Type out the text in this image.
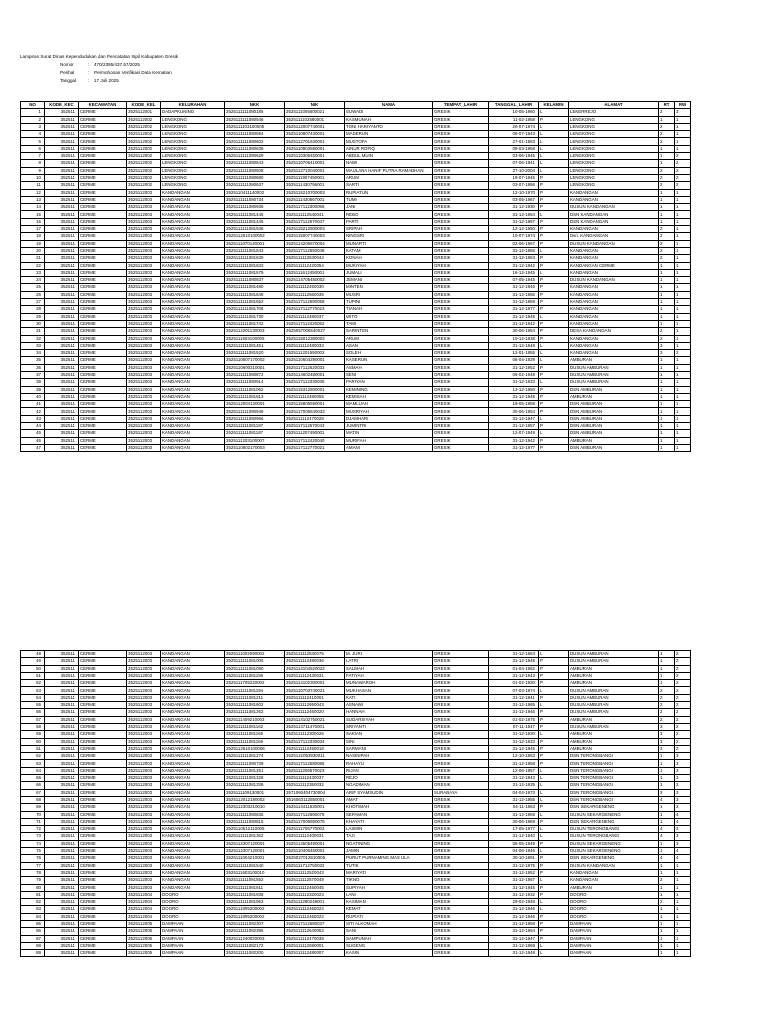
Lampiran Surat Dinas Kependudukan dan Pencatatan Sipil Kabupaten Gresik
Nomor	:	470/2395/437.57/2025
Perihal	:	Permohonan Verifikasi Data Kematian
Tanggal	:	17 Juli 2025
NO	KODE_KEC	KECAMATAN	KODE_KEL	KELURAHAN	NKK	NIK	NAMA	TEMPAT_LAHIR	TANGGAL_LAHIR	KELAMIN	ALAMAT	RT	RW
1	352511	CERME	3525112001	DADAPKUNING	3525111111080185	3525111005600021	SUWADI	GRESIK	10-05-1960	L	LEKERREJO	2	3
2	352511	CERME	3525112002	LENGKONG	3525111111080546	3525111102580001	KASMUNAH	GRESIK	11-02-1958	P	LENGKONG	1	1
3	352511	CERME	3525112002	LENGKONG	3525111103100005	3525112007740001	TONI HARIYANTO	GRESIK	20-07-1974	L	LENGKONG	2	1
4	352511	CERME	3525112002	LENGKONG	3525111111080594	3525110807430001	MADERUN	GRESIK	08-07-1943	L	LENGKONG	2	1
5	352511	CERME	3525112002	LENGKONG	3525111111080602	3525112701630001	MUSTOFA	GRESIK	27-01-1963	L	LENGKONG	2	1
6	352511	CERME	3525112002	LENGKONG	3525111111080639	3525110903580001	AINUR ROFIQ	GRESIK	09-03-1958	L	LENGKONG	1	1
7	352511	CERME	3525112002	LENGKONG	3525111111080629	3525110306450001	ABDUL MUIN	GRESIK	03-06-1945	L	LENGKONG	1	2
8	352511	CERME	3525112002	LENGKONG	3525111111080643	3525110706410001	NAWI	GRESIK	07-06-1941	L	LENGKONG	1	2
9	352511	CERME	3525112002	LENGKONG	3525111111080508	3525112710040001	MAULANA HANIF PUTRA RAMADHAN	GRESIK	27-10-2004	L	LENGKONG	2	2
10	352511	CERME	3525112002	LENGKONG	3525111111080680	3525111907450001	ARUM	GRESIK	19-07-1945	P	LENGKONG	2	2
11	352511	CERME	3525112002	LENGKONG	3525111111080637	3525111430756001	SARTI	GRESIK	03-07-1956	P	LENGKONG	2	2
12	352511	CERME	3525112003	KANDANGAN	3525110411140002	3525115210700003	RUPIATUN	GRESIK	12-10-1970	P	KANDANGAN	1	1
13	352511	CERME	3525112003	KANDANGAN	3525111111080734	3525111430567001	TUMI	GRESIK	03-05-1967	P	KANDANGAN	1	1
14	352511	CERME	3525112003	KANDANGAN	3525111111080936	3525117112300068	JANI	GRESIK	31-12-1930	P	DUSUN KANDANGAN	1	1
15	352511	CERME	3525112003	KANDANGAN	3525111111081445	3525111112540041	REBO	GRESIK	31-12-1954	L	DSN KANDANGAN	1	1
16	352511	CERME	3525112003	KANDANGAN	3525111111081445	3525117112570047	PARTI	GRESIK	31-12-1957	P	DSN KANDANGAN	1	1
17	352511	CERME	3525112003	KANDANGAN	3525111111081536	3525115212500003	SRIPAH	GRESIK	12-12-1950	P	KANDANGAN	2	1
18	352511	CERME	3525112003	KANDANGAN	3525112610100002	3525115007740003	NINGSRI	GRESIK	10-07-1974	P	Dsn. KANDANGAN	2	1
19	352511	CERME	3525112003	KANDANGAN	3525111070140001	3525114206670004	MUNARTI	GRESIK	02-06-1967	P	DUSUN KANDANGAN	2	1
20	352511	CERME	3525112003	KANDANGAN	3525111111081543	3525117112550048	KATAM	GRESIK	31-12-1955	L	KANDANGAN	2	1
21	352511	CERME	3525112003	KANDANGAN	3525111111081630	3525111112530044	KONAH	GRESIK	31-12-1953	P	KANDANGAN	2	1
22	352511	CERME	3525112003	KANDANGAN	3525111111081633	3525111112420054	MUKIYAH	GRESIK	31-12-1942	P	KANDANGAN CERME	1	1
23	352511	CERME	3525112003	KANDANGAN	3525111111081579	3525111612450001	JUMALI	GRESIK	16-12-1945	L	KANDANGAN	1	1
24	352511	CERME	3525112003	KANDANGAN	3525111111080837	3525114705450002	JEMANI	GRESIK	07-05-1945	P	DUSUN KANDANGAN	1	1
25	352511	CERME	3525112003	KANDANGAN	3525111111081480	3525111112450030	MINTEN	GRESIK	31-12-1945	P	KANDANGAN	1	1
26	352511	CERME	3525112003	KANDANGAN	3525111111081649	3525111112560039	MUSRI	GRESIK	31-12-1956	P	KANDANGAN	1	1
27	352511	CERME	3525112003	KANDANGAN	3525111111081652	3525117112590058	TUPINI	GRESIK	31-12-1959	P	KANDANGAN	1	1
28	352511	CERME	3525112003	KANDANGAN	3525111111081706	3525117112770023	TIANAH	GRESIK	31-12-1977	P	KANDANGAN	1	1
29	352511	CERME	3525112003	KANDANGAN	3525111111081730	3525111112480037	WITO	GRESIK	31-12-1948	L	KANDANGAN	1	1
30	352511	CERME	3525112003	KANDANGAN	3525111111081742	3525117112420062	TAMI	GRESIK	31-12-1942	P	KANDANGAN	1	1
31	352511	CERME	3525112003	KANDANGAN	3525112201130003	3525057006540037	SARINTEN	GRESIK	30-06-1954	P	DESA KANDANGAN	2	1
32	352511	CERME	3525112003	KANDANGAN	3525111603100005	3525115012380002	ARUM	GRESIK	10-12-1938	P	KANDANGAN	2	1
33	352511	CERME	3525112003	KANDANGAN	3525111111081451	3525111112480033	ASAN	GRESIK	31-12-1948	L	KANDANGAN	3	1
34	352511	CERME	3525112003	KANDANGAN	3525111111081520	3525111201550002	SOLEH	GRESIK	12-01-1955	L	KANDANGAN	3	2
35	352511	CERME	3525112003	KANDANGAN	3525110507170002	3525110604290001	KASERUN	GRESIK	06-04-1929	L	AMBURAN	1	1
36	352511	CERME	3525112003	KANDANGAN	3525110600210001	3525117112520033	ASMAH	GRESIK	31-12-1952	P	DUSUN AMBURAN	1	1
37	352511	CERME	3525112003	KANDANGAN	3525111111080872	3525114602480001	SENI	GRESIK	06-02-1948	P	DUSUN AMBURAN	1	1
38	352511	CERME	3525112003	KANDANGAN	3525111111080914	3525117112330035	PARIYAN	GRESIK	31-12-1933	L	DUSUN AMBURAN	1	1
39	352511	CERME	3525112003	KANDANGAN	3525111111081062	3525115312500001	KEMINING	GRESIK	13-12-1950	P	DSN AMBURAN	1	1
40	352511	CERME	3525112003	KANDANGAN	3525111111081813	3525111112480055	KEMISAH	GRESIK	31-12-1948	P	AMBURAN	1	1
41	352511	CERME	3525112003	KANDANGAN	3525112004130001	3525115805590001	MAMLUAH	GRESIK	18-05-1959	P	DSN AMBURAN	1	1
42	352511	CERME	3525112003	KANDANGAN	3525111111080948	3525117006540033	MUSRIYAH	GRESIK	30-06-1954	P	DSN AMBURAN	1	1
43	352511	CERME	3525112003	KANDANGAN	3525111111080966	3525111112470028	DJAMHARI	GRESIK	31-12-1947	L	DSN AMBURAN	1	1
44	352511	CERME	3525112003	KANDANGAN	3525111111081187	3525117112570043	JUMINTRI	GRESIK	31-12-1957	P	DSN AMBURAN	1	1
45	352511	CERME	3525112003	KANDANGAN	3525111111081187	3525111207490001	MATIN	GRESIK	12-07-1949	L	DSN AMBURAN	1	1
46	352511	CERME	3525112003	KANDANGAN	3525111203100007	3525117112420040	MURIFAH	GRESIK	31-12-1942	P	AMBURAN	1	1
47	352511	CERME	3525112003	KANDANGAN	3525110802170003	3525117112770021	AMANI	GRESIK	31-12-1977	P	DSN AMBURAN	1	1
48	352511	CERME	3525112003	KANDANGAN	3525111002090002	3525111112530075	M. JURI	GRESIK	31-12-1953	L	DUSUN AMBURAN	1	2
49	352511	CERME	3525112003	KANDANGAN	3525111111081005	3525111112480036	LATRI	GRESIK	31-12-1948	P	DUSUN AMBURAN	1	2
50	352511	CERME	3525112003	KANDANGAN	3525111111081090	3525114104520022	SALMAH	GRESIK	01-04-1962	P	AMBURAN	1	2
51	352511	CERME	3525112003	KANDANGAN	3525111111081156	3525111112430031	FATIYAH	GRESIK	31-12-1943	P	AMBURAN	1	2
52	352511	CERME	3525112003	KANDANGAN	3525111705220002	3525114102300001	MUNAWAROH	GRESIK	01-02-1930	P	AMBURAN	1	2
53	352511	CERME	3525112003	KANDANGAN	3525111111081194	3525110703740021	MUKHASAN	GRESIK	07-03-1974	L	DUSUN AMBURAN	2	2
54	352511	CERME	3525112003	KANDANGAN	3525111111081211	3525111112410001	KATI	GRESIK	31-12-1941	P	DUSUN AMBURAN	2	2
55	352511	CERME	3525112003	KANDANGAN	3525111111081602	3525111112650043	ASNAWI	GRESIK	31-12-1965	L	DUSUN AMBURAN	2	2
56	352511	CERME	3525112003	KANDANGAN	3525111111081262	3525111112460020	HANNAH	GRESIK	31-12-1946	P	DUSUN AMBURAN	2	2
57	352511	CERME	3525112003	KANDANGAN	3525111409210003	3525114102750021	SUDARSIYAH	GRESIK	01-02-1975	P	AMBURAN	2	2
58	352511	CERME	3525112003	KANDANGAN	3525111111081162	3525114711470001	SRIYANTI	GRESIK	07-11-1947	P	DUSUN AMBURAN	3	2
59	352511	CERME	3525112003	KANDANGAN	3525111111081165	3525111112300026	SAKIAN	GRESIK	31-12-1930	L	AMBURAN	3	2
60	352511	CERME	3525112003	KANDANGAN	3525111111081166	3525117112330034	SINI	GRESIK	31-12-1933	P	AMBURAN	3	2
61	352511	CERME	3525112003	KANDANGAN	3525112610100006	3525111112450018	SARMANI	GRESIK	31-12-1945	P	AMBURAN	3	2
62	352511	CERME	3525112003	KANDANGAN	3525111111081274	3525121053930011	NASINIPAH	GRESIK	12-10-1953	P	DSN TERONGBANGI	1	3
63	352511	CERME	3525112003	KANDANGAN	3525111111080739	3525117112580086	RAHAYU	GRESIK	31-12-1958	P	DSN TERONGBANGI	1	3
64	352511	CERME	3525112003	KANDANGAN	3525111111081251	3525111206570023	RIJAN	GRESIK	12-06-1957	L	DSN TERONGBANGI	1	3
65	352511	CERME	3525112003	KANDANGAN	3525111111081328	3525111112430037	REJO	GRESIK	31-12-1943	L	DSN TERONGBANGI	1	3
66	352511	CERME	3525112003	KANDANGAN	3525111111081339	3525111112350032	NGADIMAN	GRESIK	31-12-1935	L	DSN TERONGBANGI	1	3
67	352511	CERME	3525112003	KANDANGAN	3525111109130001	3571060404730004	ARIF SYAMSUDIN	SURABAYA	04-04-1973	L	DSN TERONGBANGI	3	3
68	352511	CERME	3525112003	KANDANGAN	3525112012180002	3516063112550001	AMAT	GRESIK	31-12-1955	L	DSN TERONGBANGI	4	3
69	352511	CERME	3525112003	KANDANGAN	3525112303210010	3525114411630001	KHOTIMAH	GRESIK	04-11-1963	P	DSN SEKARGENENG	1	3
70	352511	CERME	3525112003	KANDANGAN	3525111111080835	3525117112690079	SEPAMAN	GRESIK	31-12-1969	L	DUSUN SEKARGENENG	1	4
71	352511	CERME	3525112003	KANDANGAN	3525111111080815	3525117006690076	KHAYATI	GRESIK	30-06-1969	P	DSN SEKARGENENG	1	4
72	352511	CERME	3525112003	KANDANGAN	3525110612110005	3525111705770003	LASMIN	GRESIK	17-05-1977	L	DUSUN TERONGBANGI	4	3
73	352511	CERME	3525112003	KANDANGAN	3525111111081352	3525111112400031	TAJI	GRESIK	31-12-1940	L	DUSUN TERONGBANGI	4	3
74	352511	CERME	3525112003	KANDANGAN	3525112307120001	3525114505490001	NGATINING	GRESIK	05-05-1949	P	DUSUN SEKARGENENG	1	3
75	352511	CERME	3525112003	KANDANGAN	3525112307120001	3525110406460001	JAMIN	GRESIK	04-06-1946	L	DUSUN SEKARGENENG	1	4
76	352511	CERME	3525112003	KANDANGAN	3525111004210001	3525027012910005	PURUT PURNAMING MAS ULA	GRESIK	30-10-1991	P	DSN SEKARGENENG	4	4
77	352511	CERME	3525112003	KANDANGAN	3525111111081540	3525111712750032	TUTIK	GRESIK	31-12-1975	P	DUSUN KANDANGAN	1	1
78	352511	CERME	3525112003	KANDANGAN	3525111603100010	3525111112520043	MARIYATI	GRESIK	31-12-1952	P	KANDANGAN	1	1
79	352511	CERME	3525112003	KANDANGAN	3525111111081552	3525111112570049	TIKNO	GRESIK	31-12-1957	L	KANDANGAN	2	1
80	352511	CERME	3525112003	KANDANGAN	3525111111081811	3525111112450045	SUPIYAH	GRESIK	31-12-1945	P	AMBURAN	1	1
81	352511	CERME	3525112004	DOORO	3525111111081938	3525111112320023	LANI	GRESIK	31-12-1932	P	DOORO	1	1
82	352511	CERME	3525112004	DOORO	3525111111081953	3525111290248001	KASIMAN	GRESIK	29-02-1948	L	DOORO	2	1
83	352511	CERME	3525112004	DOORO	3525111805200002	3525111112460024	KEMAT	GRESIK	31-12-1946	L	DOORO	1	1
84	352511	CERME	3525112004	DOORO	3525111805200002	3525111112460022	RUPIATI	GRESIK	31-12-1946	P	DOORO	1	1
85	352511	CERME	3525112005	DAMPAAN	3525111111082307	3525117112580037	SITI ALKOMAH	GRESIK	31-12-1958	P	DAMPAAN	1	1
86	352511	CERME	3525112005	DAMPAAN	3525111111082395	3525111112640052	SANI	GRESIK	31-12-1964	P	DAMPAAN	1	1
87	352511	CERME	3525112005	DAMPAAN	3525111240020003	3525111112470039	SAMPUNAH	GRESIK	31-12-1947	P	DAMPAAN	1	1
88	352511	CERME	3525112005	DAMPAAN	3525111111082172	3525111112690001	SUGENG	GRESIK	31-12-1969	L	DAMPAAN	1	1
89	352511	CERME	3525112005	DAMPAAN	3525111111082200	3525111112480007	KASIN	GRESIK	31-12-1948	L	DAMPAAN	1	1
